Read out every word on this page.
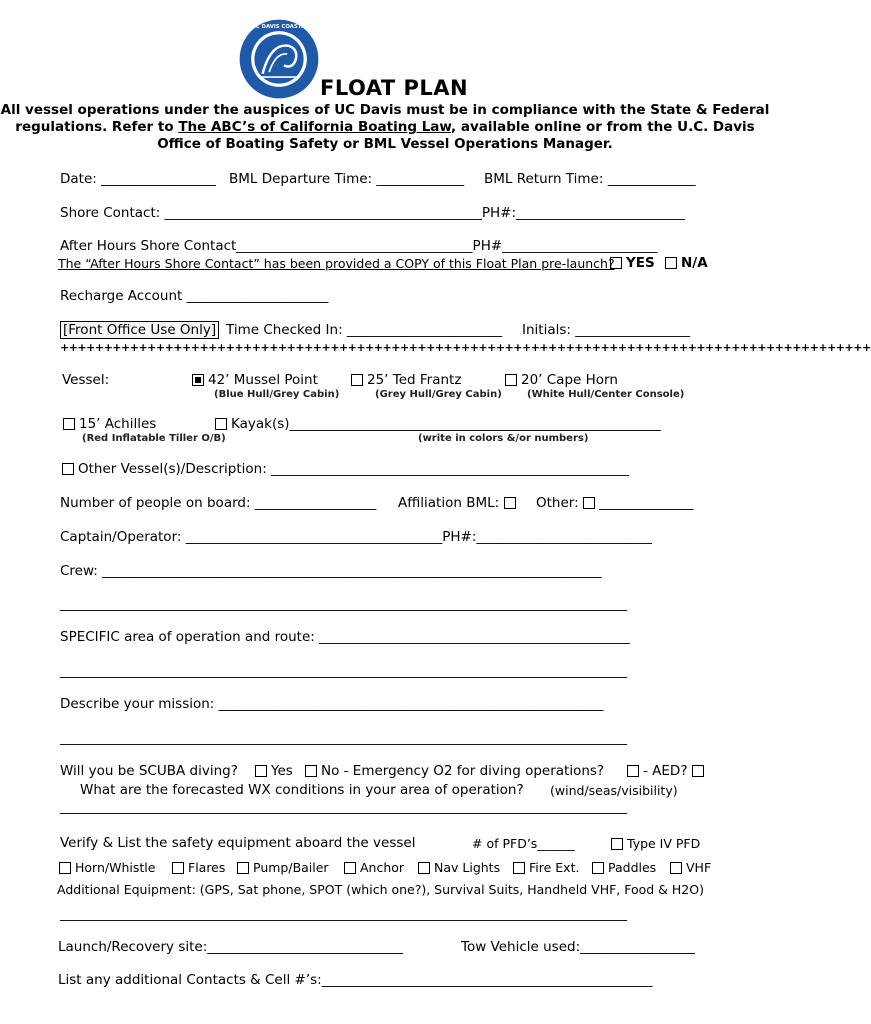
BODEGA MARINE LABORATORY · UC DAVIS COASTAL & MARINE SCIENCES INSTITUTE
FLOAT PLAN
All vessel operations under the auspices of UC Davis must be in compliance with the State & Federal
regulations. Refer to The ABC’s of California Boating Law, available online or from the U.C. Davis
Office of Boating Safety or BML Vessel Operations Manager.
Date: _________________ BML Departure Time: _____________ BML Return Time: _____________
Shore Contact: _______________________________________________PH#:_________________________
After Hours Shore Contact___________________________________PH#_______________________
The “After Hours Shore Contact” has been provided a COPY of this Float Plan pre-launch? YES	N/A
Recharge Account _____________________
[Front Office Use Only] Time Checked In: _______________________ Initials: _________________
+++++++++++++++++++++++++++++++++++++++++++++++++++++++++++++++++++++++++++++++++++++++++++++
Vessel:	42’ Mussel Point
(Blue Hull/Grey Cabin)
25’ Ted Frantz
(Grey Hull/Grey Cabin)
20’ Cape Horn
(White Hull/Center Console)
15’ Achilles
(Red Inflatable Tiller O/B)
Kayak(s)_______________________________________________________
(write in colors &/or numbers)
Other Vessel(s)/Description: _____________________________________________________
Number of people on board: __________________ Affiliation BML:	Other: ______________
Captain/Operator: ______________________________________PH#:__________________________
Crew: __________________________________________________________________________
____________________________________________________________________________________
SPECIFIC area of operation and route: ______________________________________________
____________________________________________________________________________________
Describe your mission: _________________________________________________________
____________________________________________________________________________________
Will you be SCUBA diving?	Yes	No - Emergency O2 for diving operations?	- AED?
What are the forecasted WX conditions in your area of operation? (wind/seas/visibility)
____________________________________________________________________________________
Verify & List the safety equipment aboard the vessel	# of PFD’s______	Type IV PFD
Horn/Whistle	Flares	Pump/Bailer	Anchor	Nav Lights	Fire Ext.	Paddles	VHF
Additional Equipment: (GPS, Sat phone, SPOT (which one?), Survival Suits, Handheld VHF, Food & H2O)
____________________________________________________________________________________
Launch/Recovery site:_____________________________	Tow Vehicle used:_________________
List any additional Contacts & Cell #’s:_________________________________________________
